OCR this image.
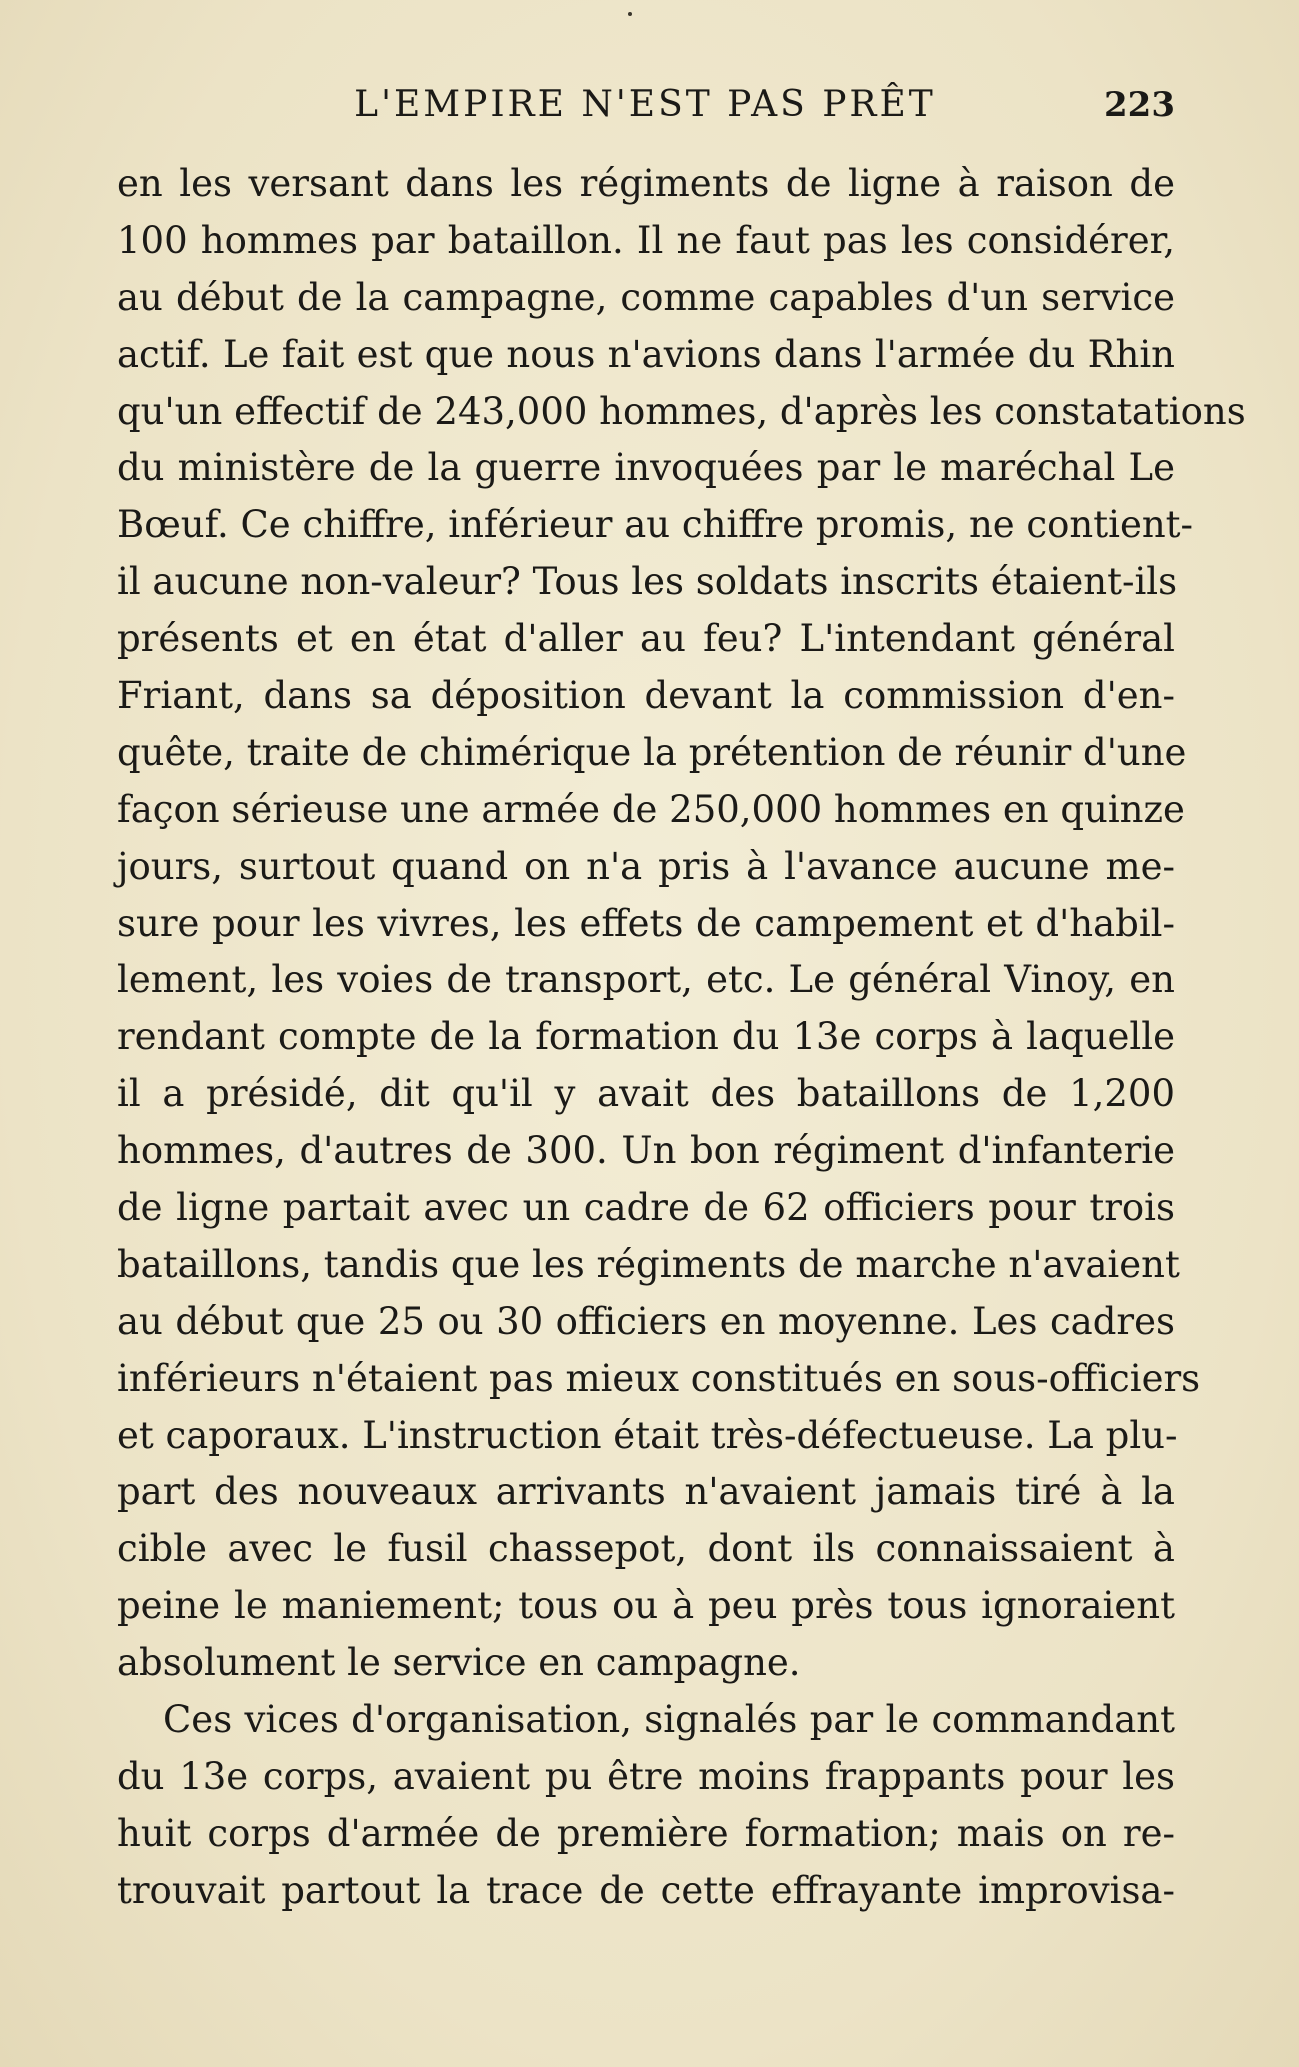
L'EMPIRE N'EST PAS PRÊT	223
en les versant dans les régiments de ligne à raison de
100 hommes par bataillon. Il ne faut pas les considérer,
au début de la campagne, comme capables d'un service
actif. Le fait est que nous n'avions dans l'armée du Rhin
qu'un effectif de 243,000 hommes, d'après les constatations
du ministère de la guerre invoquées par le maréchal Le
Bœuf. Ce chiffre, inférieur au chiffre promis, ne contient-
il aucune non-valeur? Tous les soldats inscrits étaient-ils
présents et en état d'aller au feu? L'intendant général
Friant, dans sa déposition devant la commission d'en-
quête, traite de chimérique la prétention de réunir d'une
façon sérieuse une armée de 250,000 hommes en quinze
jours, surtout quand on n'a pris à l'avance aucune me-
sure pour les vivres, les effets de campement et d'habil-
lement, les voies de transport, etc. Le général Vinoy, en
rendant compte de la formation du 13e corps à laquelle
il a présidé, dit qu'il y avait des bataillons de 1,200
hommes, d'autres de 300. Un bon régiment d'infanterie
de ligne partait avec un cadre de 62 officiers pour trois
bataillons, tandis que les régiments de marche n'avaient
au début que 25 ou 30 officiers en moyenne. Les cadres
inférieurs n'étaient pas mieux constitués en sous-officiers
et caporaux. L'instruction était très-défectueuse. La plu-
part des nouveaux arrivants n'avaient jamais tiré à la
cible avec le fusil chassepot, dont ils connaissaient à
peine le maniement; tous ou à peu près tous ignoraient
absolument le service en campagne.
Ces vices d'organisation, signalés par le commandant
du 13e corps, avaient pu être moins frappants pour les
huit corps d'armée de première formation; mais on re-
trouvait partout la trace de cette effrayante improvisa-
